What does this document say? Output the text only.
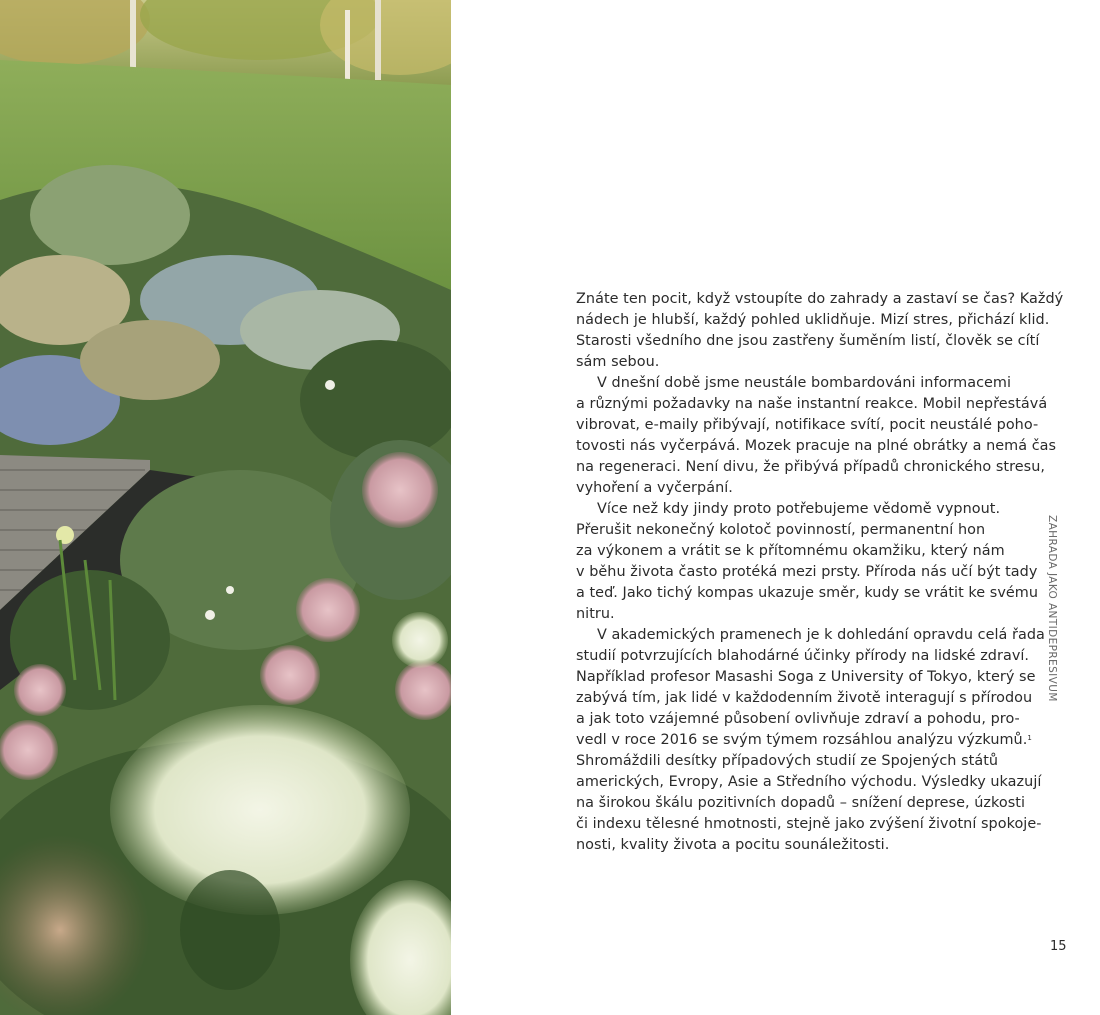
Znáte ten pocit, když vstoupíte do zahrady a zastaví se čas? Každý
nádech je hlubší, každý pohled uklidňuje. Mizí stres, přichází klid.
Starosti všedního dne jsou zastřeny šuměním listí, člověk se cítí
sám sebou.

V dnešní době jsme neustále bombardováni informacemi
a různými požadavky na naše instantní reakce. Mobil nepřestává
vibrovat, e-maily přibývají, notifikace svítí, pocit neustálé poho-
tovosti nás vyčerpává. Mozek pracuje na plné obrátky a nemá čas
na regeneraci. Není divu, že přibývá případů chronického stresu,
vyhoření a vyčerpání.

Více než kdy jindy proto potřebujeme vědomě vypnout.
Přerušit nekonečný kolotoč povinností, permanentní hon
za výkonem a vrátit se k přítomnému okamžiku, který nám
v běhu života často protéká mezi prsty. Příroda nás učí být tady
a teď. Jako tichý kompas ukazuje směr, kudy se vrátit ke svému
nitru.

V akademických pramenech je k dohledání opravdu celá řada
studií potvrzujících blahodárné účinky přírody na lidské zdraví.
Například profesor Masashi Soga z University of Tokyo, který se
zabývá tím, jak lidé v každodenním životě interagují s přírodou
a jak toto vzájemné působení ovlivňuje zdraví a pohodu, pro-
vedl v roce 2016 se svým týmem rozsáhlou analýzu výzkumů.$^1$
Shromáždili desítky případových studií ze Spojených států
amerických, Evropy, Asie a Středního východu. Výsledky ukazují
na širokou škálu pozitivních dopadů – snížení deprese, úzkosti
či indexu tělesné hmotnosti, stejně jako zvýšení životní spokoje-
nosti, kvality života a pocitu sounáležitosti.

ZAHRADA JAKO ANTIDEPRESIVUM
15
